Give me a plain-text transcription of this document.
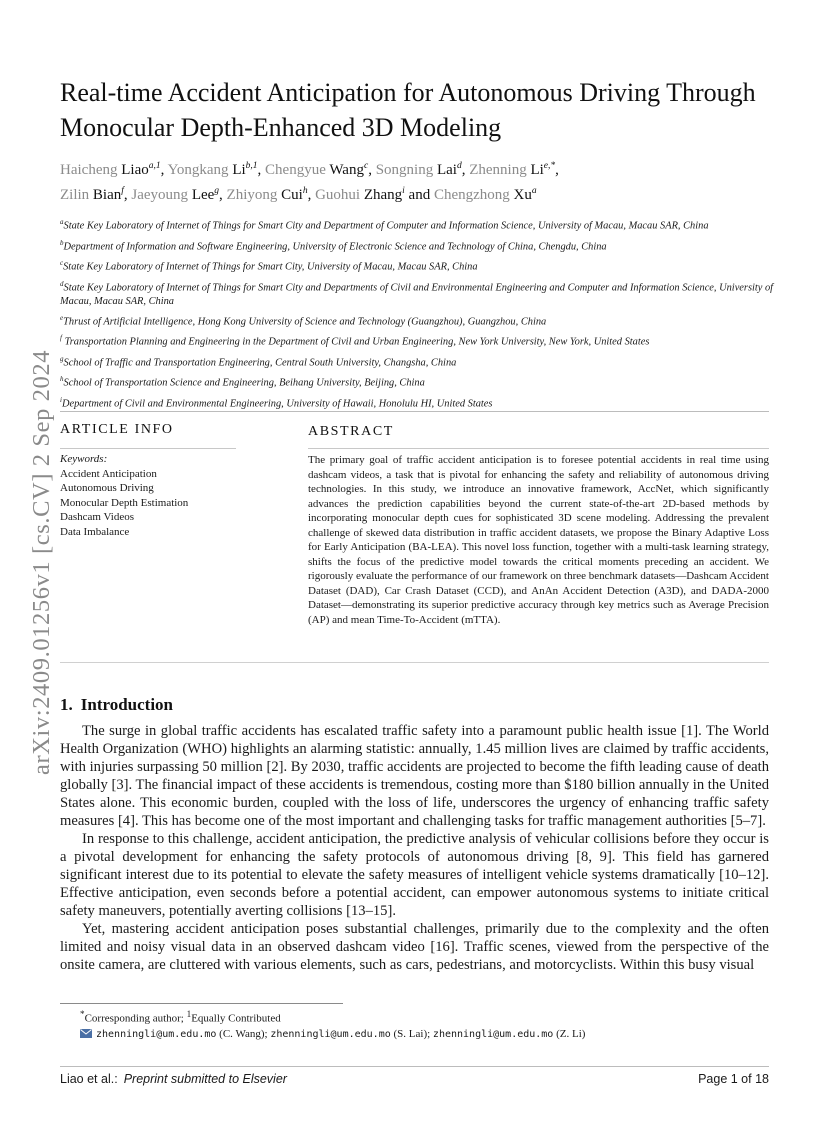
arXiv:2409.01256v1 [cs.CV] 2 Sep 2024
Real-time Accident Anticipation for Autonomous Driving Through Monocular Depth-Enhanced 3D Modeling
Haicheng Liao$^{a,1}$, Yongkang Li$^{b,1}$, Chengyue Wang$^c$, Songning Lai$^d$, Zhenning $Li^{e,*}$,
Zilin Bian$^f$, Jaeyoung Lee$^g$, Zhiyong Cui$^h$, Guohui Zhang$^i$ and Chengzhong Xu$^a$

$^a$State Key Laboratory of Internet of Things for Smart City and Department of Computer and Information Science, University of Macau, Macau SAR, China

$^b$Department of Information and Software Engineering, University of Electronic Science and Technology of China, Chengdu, China

$^c$State Key Laboratory of Internet of Things for Smart City, University of Macau, Macau SAR, China

$^d$State Key Laboratory of Internet of Things for Smart City and Departments of Civil and Environmental Engineering and Computer and Information Science, University of Macau, Macau SAR, China

$^e$Thrust of Artificial Intelligence, Hong Kong University of Science and Technology (Guangzhou), Guangzhou, China

$^f$ Transportation Planning and Engineering in the Department of Civil and Urban Engineering, New York University, New York, United States

$^g$School of Traffic and Transportation Engineering, Central South University, Changsha, China

$^h$School of Transportation Science and Engineering, Beihang University, Beijing, China

$^i$Department of Civil and Environmental Engineering, University of Hawaii, Honolulu HI, United States

ARTICLE INFO
Keywords:
Accident Anticipation
Autonomous Driving
Monocular Depth Estimation
Dashcam Videos
Data Imbalance
ABSTRACT

The primary goal of traffic accident anticipation is to foresee potential accidents in real time using dashcam videos, a task that is pivotal for enhancing the safety and reliability of autonomous driving technologies. In this study, we introduce an innovative framework, AccNet, which significantly advances the prediction capabilities beyond the current state-of-the-art 2D-based methods by incorporating monocular depth cues for sophisticated 3D scene modeling. Addressing the prevalent challenge of skewed data distribution in traffic accident datasets, we propose the Binary Adaptive Loss for Early Anticipation (BA-LEA). This novel loss function, together with a multi-task learning strategy, shifts the focus of the predictive model towards the critical moments preceding an accident. We rigorously evaluate the performance of our framework on three benchmark datasets—Dashcam Accident Dataset (DAD), Car Crash Dataset (CCD), and AnAn Accident Detection (A3D), and DADA-2000 Dataset—demonstrating its superior predictive accuracy through key metrics such as Average Precision (AP) and mean Time-To-Accident (mTTA).

1. Introduction

The surge in global traffic accidents has escalated traffic safety into a paramount public health issue [1]. The World Health Organization (WHO) highlights an alarming statistic: annually, 1.45 million lives are claimed by traffic accidents, with injuries surpassing 50 million [2]. By 2030, traffic accidents are projected to become the fifth leading cause of death globally [3]. The financial impact of these accidents is tremendous, costing more than $180 billion annually in the United States alone. This economic burden, coupled with the loss of life, underscores the urgency of enhancing traffic safety measures [4]. This has become one of the most important and challenging tasks for traffic management authorities [5–7].

In response to this challenge, accident anticipation, the predictive analysis of vehicular collisions before they occur is a pivotal development for enhancing the safety protocols of autonomous driving [8, 9]. This field has garnered significant interest due to its potential to elevate the safety measures of intelligent vehicle systems dramatically [10–12]. Effective anticipation, even seconds before a potential accident, can empower autonomous systems to initiate critical safety maneuvers, potentially averting collisions [13–15].

Yet, mastering accident anticipation poses substantial challenges, primarily due to the complexity and the often limited and noisy visual data in an observed dashcam video [16]. Traffic scenes, viewed from the perspective of the onsite camera, are cluttered with various elements, such as cars, pedestrians, and motorcyclists. Within this busy visual

*Corresponding author; $^1$Equally Contributed
zhenningli@um.edu.mo (C. Wang); zhenningli@um.edu.mo (S. Lai); zhenningli@um.edu.mo (Z. Li)
Liao et al.: Preprint submitted to Elsevier	Page 1 of 18
